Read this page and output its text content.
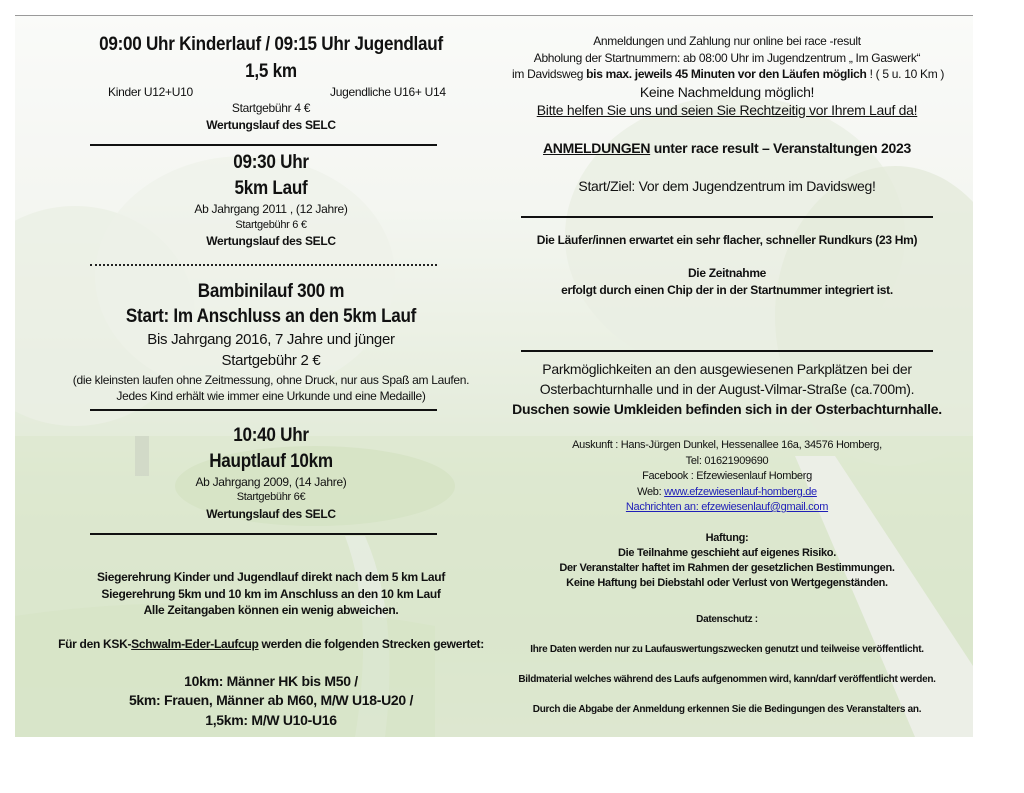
09:00 Uhr Kinderlauf / 09:15 Uhr Jugendlauf
1,5 km
Kinder U12+U10	Jugendliche U16+ U14
Startgebühr 4 €
Wertungslauf des SELC
09:30 Uhr
5km Lauf
Ab Jahrgang 2011 , (12 Jahre)
Startgebühr 6 €
Wertungslauf des SELC
Bambinilauf 300 m
Start: Im Anschluss an den 5km Lauf
Bis Jahrgang 2016, 7 Jahre und jünger
Startgebühr 2 €
(die kleinsten laufen ohne Zeitmessung, ohne Druck, nur aus Spaß am Laufen.
Jedes Kind erhält wie immer eine Urkunde und eine Medaille)
10:40 Uhr
Hauptlauf 10km
Ab Jahrgang 2009, (14 Jahre)
Startgebühr 6€
Wertungslauf des SELC
Siegerehrung Kinder und Jugendlauf direkt nach dem 5 km Lauf
Siegerehrung 5km und 10 km im Anschluss an den 10 km Lauf
Alle Zeitangaben können ein wenig abweichen.
Für den KSK-Schwalm-Eder-Laufcup werden die folgenden Strecken gewertet:
10km: Männer HK bis M50 /
5km: Frauen, Männer ab M60, M/W U18-U20 /
1,5km: M/W U10-U16
Anmeldungen und Zahlung nur online bei race -result
Abholung der Startnummern: ab 08:00 Uhr im Jugendzentrum „ Im Gaswerk“
im Davidsweg bis max. jeweils 45 Minuten vor den Läufen möglich ! ( 5 u. 10 Km )
Keine Nachmeldung möglich!
Bitte helfen Sie uns und seien Sie Rechtzeitig vor Ihrem Lauf da!
ANMELDUNGEN unter race result – Veranstaltungen 2023
Start/Ziel: Vor dem Jugendzentrum im Davidsweg!
Die Läufer/innen erwartet ein sehr flacher, schneller Rundkurs (23 Hm)
Die Zeitnahme
erfolgt durch einen Chip der in der Startnummer integriert ist.
Parkmöglichkeiten an den ausgewiesenen Parkplätzen bei der
Osterbachturnhalle und in der August-Vilmar-Straße (ca.700m).
Duschen sowie Umkleiden befinden sich in der Osterbachturnhalle.
Auskunft : Hans-Jürgen Dunkel, Hessenallee 16a, 34576 Homberg,
Tel: 01621909690
Facebook : Efzewiesenlauf Homberg
Web: www.efzewiesenlauf-homberg.de
Nachrichten an: efzewiesenlauf@gmail.com
Haftung:
Die Teilnahme geschieht auf eigenes Risiko.
Der Veranstalter haftet im Rahmen der gesetzlichen Bestimmungen.
Keine Haftung bei Diebstahl oder Verlust von Wertgegenständen.
Datenschutz :
Ihre Daten werden nur zu Laufauswertungszwecken genutzt und teilweise veröffentlicht.
Bildmaterial welches während des Laufs aufgenommen wird, kann/darf veröffentlicht werden.
Durch die Abgabe der Anmeldung erkennen Sie die Bedingungen des Veranstalters an.
